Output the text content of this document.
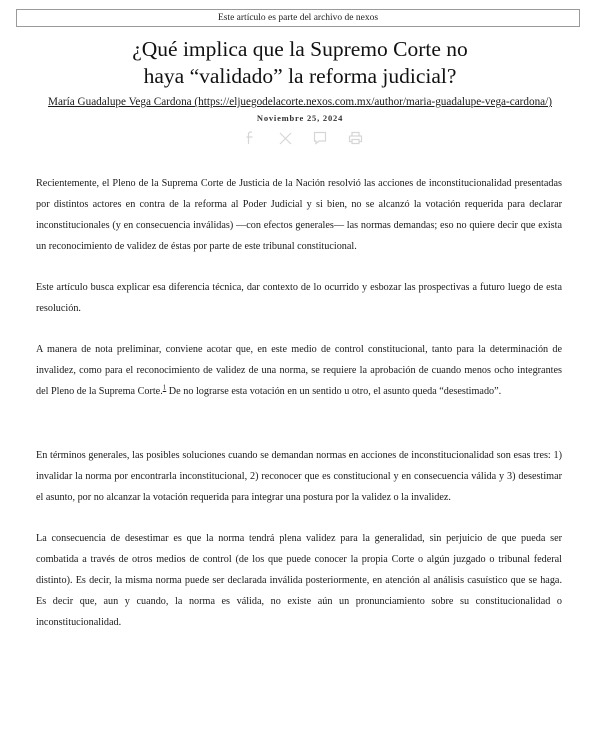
Este artículo es parte del archivo de nexos
¿Qué implica que la Supremo Corte no
haya “validado” la reforma judicial?
María Guadalupe Vega Cardona (https://eljuegodelacorte.nexos.com.mx/author/maria-guadalupe-vega-cardona/)
Noviembre 25, 2024

Recientemente, el Pleno de la Suprema Corte de Justicia de la Nación resolvió las acciones de inconstitucionalidad presentadas por distintos actores en contra de la reforma al Poder Judicial y si bien, no se alcanzó la votación requerida para declarar inconstitucionales (y en consecuencia inválidas) —con efectos generales— las normas demandas; eso no quiere decir que exista un reconocimiento de validez de éstas por parte de este tribunal constitucional.

Este artículo busca explicar esa diferencia técnica, dar contexto de lo ocurrido y esbozar las prospectivas a futuro luego de esta resolución.

A manera de nota preliminar, conviene acotar que, en este medio de control constitucional, tanto para la determinación de invalidez, como para el reconocimiento de validez de una norma, se requiere la aprobación de cuando menos ocho integrantes del Pleno de la Suprema Corte.$^1$ De no lograrse esta votación en un sentido u otro, el asunto queda “desestimado”.

En términos generales, las posibles soluciones cuando se demandan normas en acciones de inconstitucionalidad son esas tres: 1) invalidar la norma por encontrarla inconstitucional, 2) reconocer que es constitucional y en consecuencia válida y 3) desestimar el asunto, por no alcanzar la votación requerida para integrar una postura por la validez o la invalidez.

La consecuencia de desestimar es que la norma tendrá plena validez para la generalidad, sin perjuicio de que pueda ser combatida a través de otros medios de control (de los que puede conocer la propia Corte o algún juzgado o tribunal federal distinto). Es decir, la misma norma puede ser declarada inválida posteriormente, en atención al análisis casuístico que se haga. Es decir que, aun y cuando, la norma es válida, no existe aún un pronunciamiento sobre su constitucionalidad o inconstitucionalidad.
